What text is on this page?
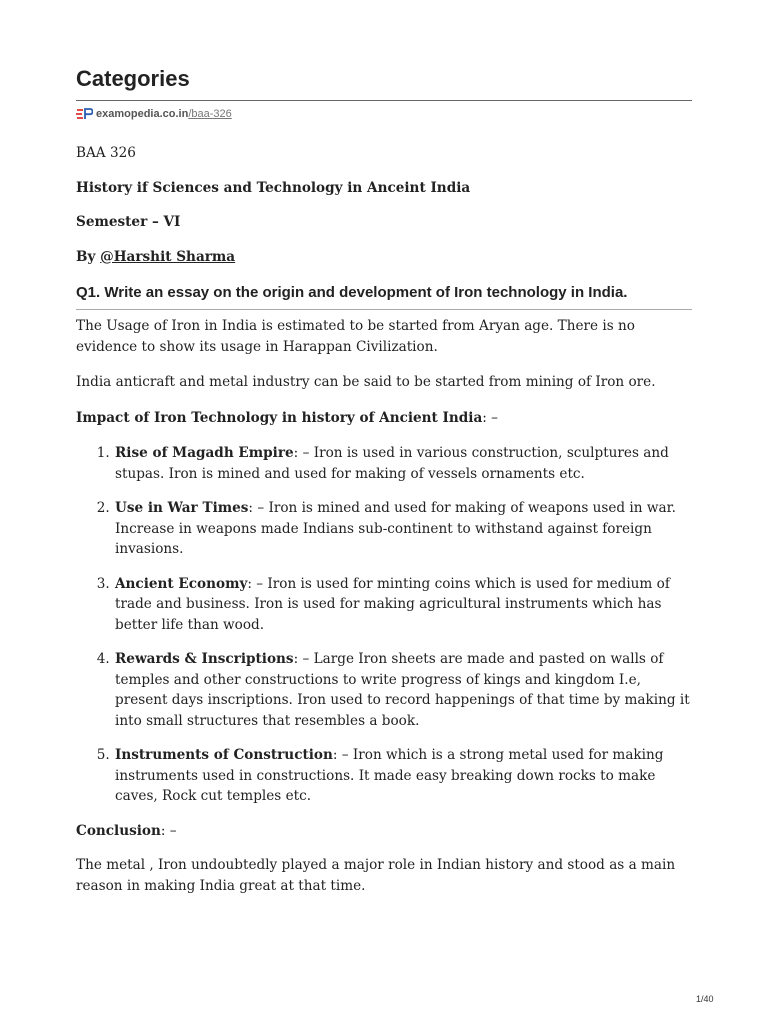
Categories
examopedia.co.in /baa-326

BAA 326

History if Sciences and Technology in Anceint India

Semester – VI

By @Harshit Sharma

Q1. Write an essay on the origin and development of Iron technology in India.

The Usage of Iron in India is estimated to be started from Aryan age. There is no evidence to show its usage in Harappan Civilization.

India anticraft and metal industry can be said to be started from mining of Iron ore.

Impact of Iron Technology in history of Ancient India: –

1. Rise of Magadh Empire: – Iron is used in various construction, sculptures and stupas. Iron is mined and used for making of vessels ornaments etc.
2. Use in War Times: – Iron is mined and used for making of weapons used in war. Increase in weapons made Indians sub-continent to withstand against foreign invasions.
3. Ancient Economy: – Iron is used for minting coins which is used for medium of trade and business. Iron is used for making agricultural instruments which has better life than wood.
4. Rewards & Inscriptions: – Large Iron sheets are made and pasted on walls of temples and other constructions to write progress of kings and kingdom I.e, present days inscriptions. Iron used to record happenings of that time by making it into small structures that resembles a book.
5. Instruments of Construction: – Iron which is a strong metal used for making instruments used in constructions. It made easy breaking down rocks to make caves, Rock cut temples etc.

Conclusion: –

The metal , Iron undoubtedly played a major role in Indian history and stood as a main reason in making India great at that time.

1/40
